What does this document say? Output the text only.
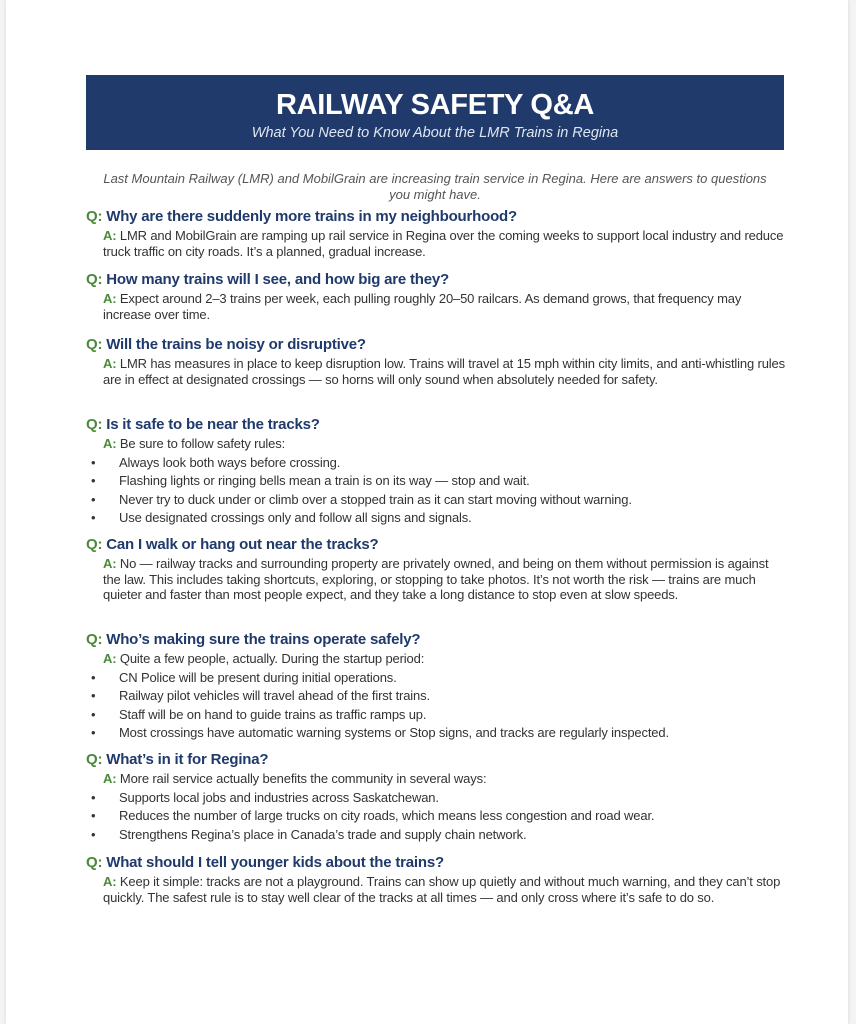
RAILWAY SAFETY Q&A
What You Need to Know About the LMR Trains in Regina
Last Mountain Railway (LMR) and MobilGrain are increasing train service in Regina. Here are answers to questions you might have.
Q: Why are there suddenly more trains in my neighbourhood?
A: LMR and MobilGrain are ramping up rail service in Regina over the coming weeks to support local industry and reduce truck traffic on city roads. It’s a planned, gradual increase.
Q: How many trains will I see, and how big are they?
A: Expect around 2–3 trains per week, each pulling roughly 20–50 railcars. As demand grows, that frequency may increase over time.
Q: Will the trains be noisy or disruptive?
A: LMR has measures in place to keep disruption low. Trains will travel at 15 mph within city limits, and anti-whistling rules are in effect at designated crossings — so horns will only sound when absolutely needed for safety.
Q: Is it safe to be near the tracks?
A: Be sure to follow safety rules:
• Always look both ways before crossing.
• Flashing lights or ringing bells mean a train is on its way — stop and wait.
• Never try to duck under or climb over a stopped train as it can start moving without warning.
• Use designated crossings only and follow all signs and signals.
Q: Can I walk or hang out near the tracks?
A: No — railway tracks and surrounding property are privately owned, and being on them without permission is against the law. This includes taking shortcuts, exploring, or stopping to take photos. It’s not worth the risk — trains are much quieter and faster than most people expect, and they take a long distance to stop even at slow speeds.
Q: Who’s making sure the trains operate safely?
A: Quite a few people, actually. During the startup period:
• CN Police will be present during initial operations.
• Railway pilot vehicles will travel ahead of the first trains.
• Staff will be on hand to guide trains as traffic ramps up.
• Most crossings have automatic warning systems or Stop signs, and tracks are regularly inspected.
Q: What’s in it for Regina?
A: More rail service actually benefits the community in several ways:
• Supports local jobs and industries across Saskatchewan.
• Reduces the number of large trucks on city roads, which means less congestion and road wear.
• Strengthens Regina’s place in Canada’s trade and supply chain network.
Q: What should I tell younger kids about the trains?
A: Keep it simple: tracks are not a playground. Trains can show up quietly and without much warning, and they can’t stop quickly. The safest rule is to stay well clear of the tracks at all times — and only cross where it’s safe to do so.
